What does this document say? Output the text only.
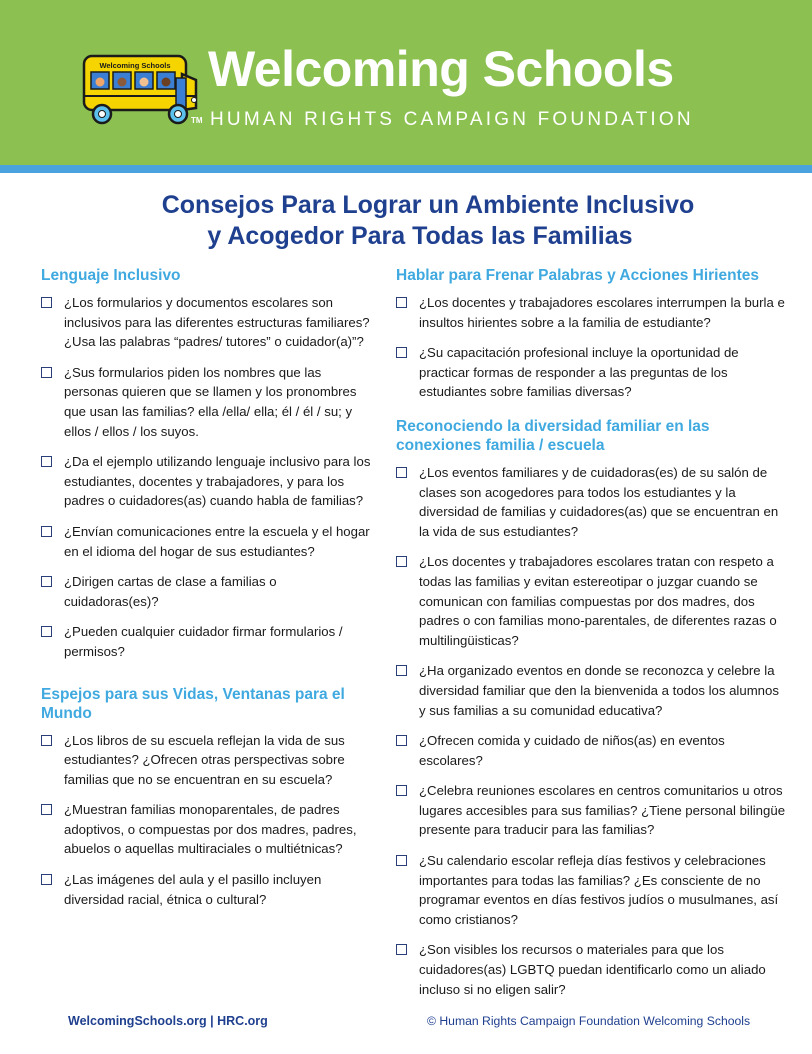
Welcoming Schools Welcoming Schools
TM HUMAN RIGHTS CAMPAIGN FOUNDATION
Consejos Para Lograr un Ambiente Inclusivo
y Acogedor Para Todas las Familias
Lenguaje Inclusivo
¿Los formularios y documentos escolares son inclusivos para las diferentes estructuras familiares? ¿Usa las palabras “padres/ tutores” o cuidador(a)”?
¿Sus formularios piden los nombres que las personas quieren que se llamen y los pronombres que usan las familias? ella /ella/ ella; él / él / su; y ellos / ellos / los suyos.
¿Da el ejemplo utilizando lenguaje inclusivo para los estudiantes, docentes y trabajadores, y para los padres o cuidadores(as) cuando habla de familias?
¿Envían comunicaciones entre la escuela y el hogar en el idioma del hogar de sus estudiantes?
¿Dirigen cartas de clase a familias o cuidadoras(es)?
¿Pueden cualquier cuidador firmar formularios / permisos?
Espejos para sus Vidas, Ventanas para el Mundo
¿Los libros de su escuela reflejan la vida de sus estudiantes? ¿Ofrecen otras perspectivas sobre familias que no se encuentran en su escuela?
¿Muestran familias monoparentales, de padres adoptivos, o compuestas por dos madres, padres, abuelos o aquellas multiraciales o multiétnicas?
¿Las imágenes del aula y el pasillo incluyen diversidad racial, étnica o cultural?
Hablar para Frenar Palabras y Acciones Hirientes
¿Los docentes y trabajadores escolares interrumpen la burla e insultos hirientes sobre a la familia de estudiante?
¿Su capacitación profesional incluye la oportunidad de practicar formas de responder a las preguntas de los estudiantes sobre familias diversas?
Reconociendo la diversidad familiar en las conexiones familia / escuela
¿Los eventos familiares y de cuidadoras(es) de su salón de clases son acogedores para todos los estudiantes y la diversidad de familias y cuidadores(as) que se encuentran en la vida de sus estudiantes?
¿Los docentes y trabajadores escolares tratan con respeto a todas las familias y evitan estereotipar o juzgar cuando se comunican con familias compuestas por dos madres, dos padres o con familias mono-parentales, de diferentes razas o multilingüisticas?
¿Ha organizado eventos en donde se reconozca y celebre la diversidad familiar que den la bienvenida a todos los alumnos y sus familias a su comunidad educativa?
¿Ofrecen comida y cuidado de niños(as) en eventos escolares?
¿Celebra reuniones escolares en centros comunitarios u otros lugares accesibles para sus familias? ¿Tiene personal bilingüe presente para traducir para las familias?
¿Su calendario escolar refleja días festivos y celebraciones importantes para todas las familias? ¿Es consciente de no programar eventos en días festivos judíos o musulmanes, así como cristianos?
¿Son visibles los recursos o materiales para que los cuidadores(as) LGBTQ puedan identificarlo como un aliado incluso si no eligen salir?
WelcomingSchools.org | HRC.org	© Human Rights Campaign Foundation Welcoming Schools
